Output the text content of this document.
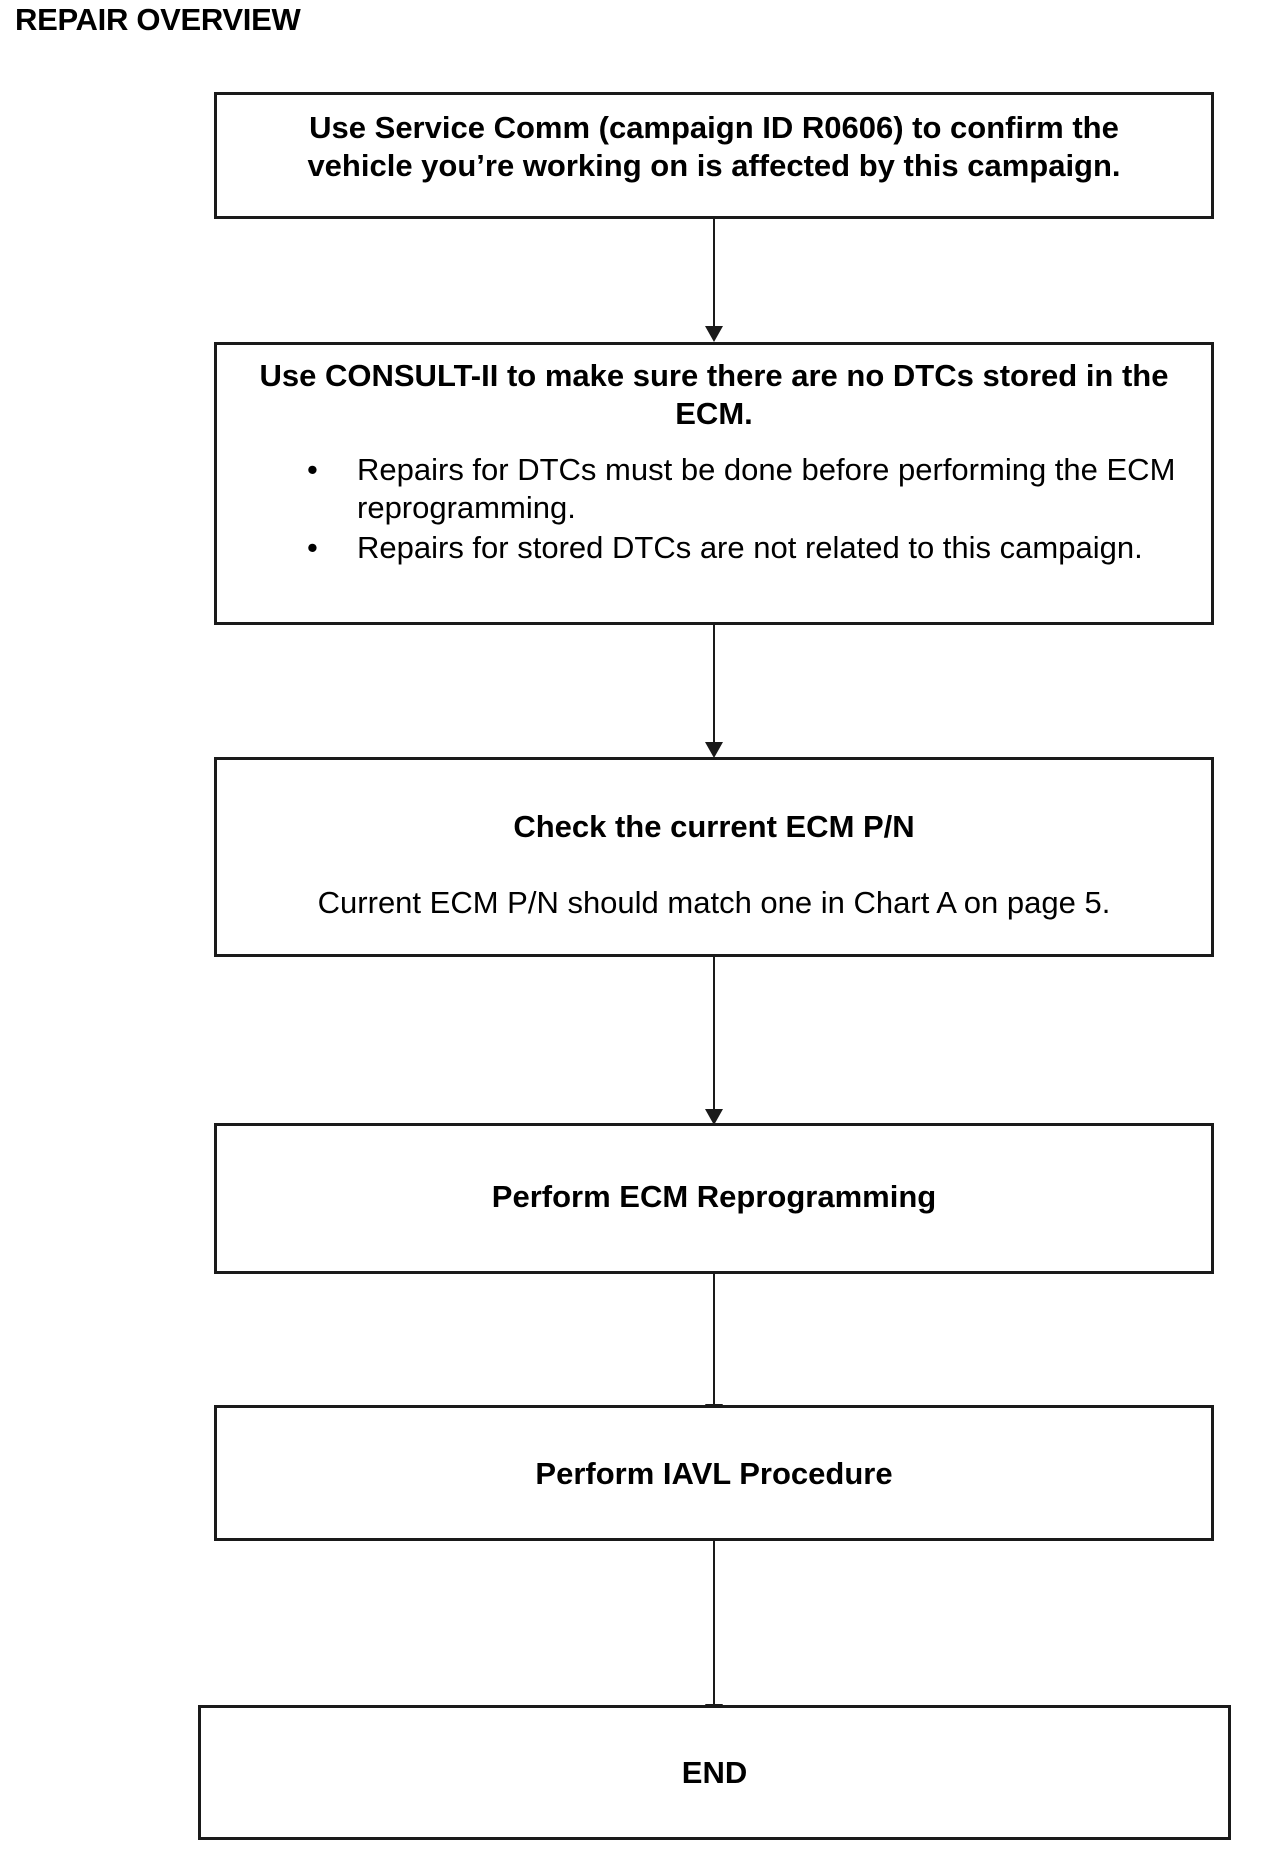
REPAIR OVERVIEW

Use Service Comm (campaign ID R0606) to confirm the vehicle you’re working on is affected by this campaign.

Use CONSULT-II to make sure there are no DTCs stored in the ECM.

• Repairs for DTCs must be done before performing the ECM reprogramming.
• Repairs for stored DTCs are not related to this campaign.

Check the current ECM P/N

Current ECM P/N should match one in Chart A on page 5.

Perform ECM Reprogramming

Perform IAVL Procedure

END
